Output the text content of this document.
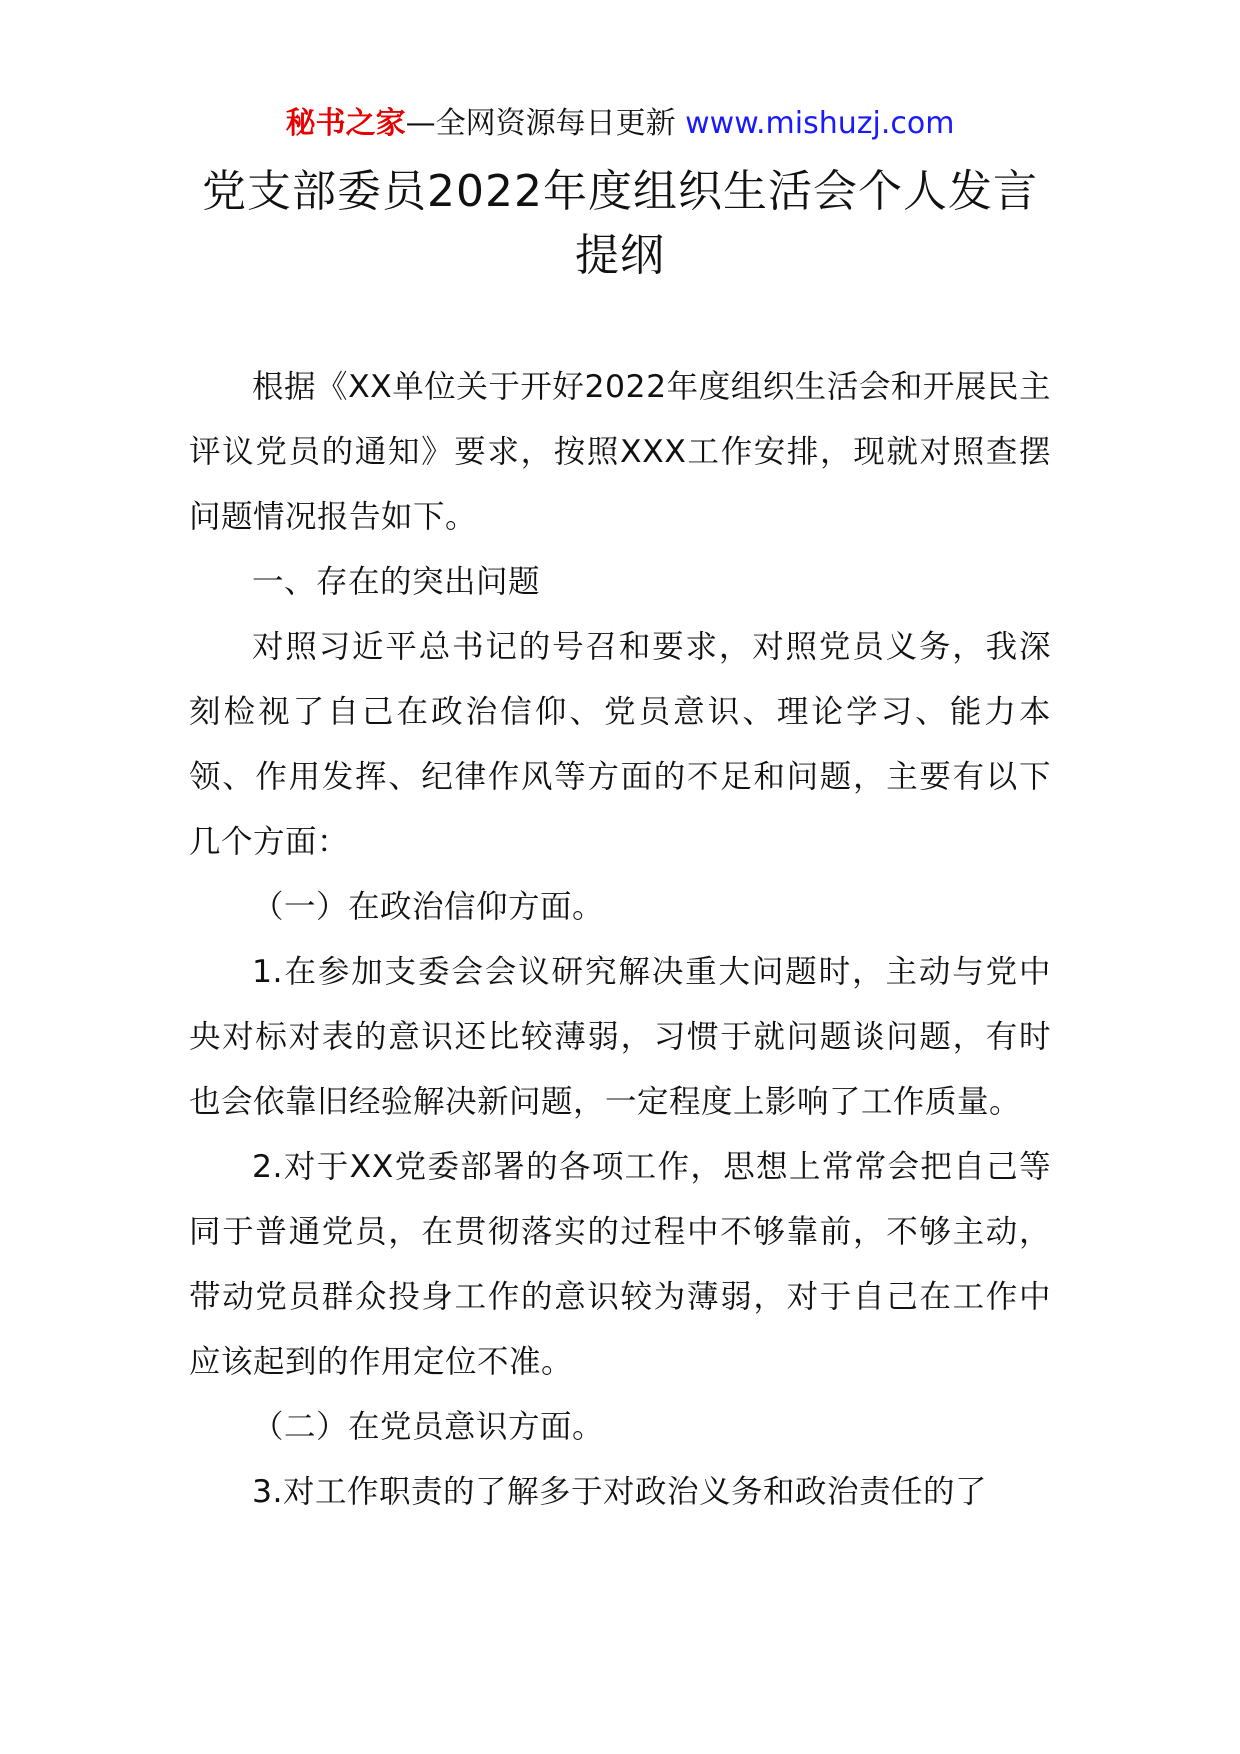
秘书之家—全网资源每日更新 www.mishuzj.com
党支部委员2022年度组织生活会个人发言
提纲

根据《XX单位关于开好2022年度组织生活会和开展民主评议党员的通知》要求，按照XXX工作安排，现就对照查摆问题情况报告如下。

一、存在的突出问题

对照习近平总书记的号召和要求，对照党员义务，我深刻检视了自己在政治信仰、党员意识、理论学习、能力本领、作用发挥、纪律作风等方面的不足和问题，主要有以下几个方面：

（一）在政治信仰方面。

1.在参加支委会会议研究解决重大问题时，主动与党中央对标对表的意识还比较薄弱，习惯于就问题谈问题，有时也会依靠旧经验解决新问题，一定程度上影响了工作质量。

2.对于XX党委部署的各项工作，思想上常常会把自己等同于普通党员，在贯彻落实的过程中不够靠前，不够主动，带动党员群众投身工作的意识较为薄弱，对于自己在工作中应该起到的作用定位不准。

（二）在党员意识方面。

3.对工作职责的了解多于对政治义务和政治责任的了
